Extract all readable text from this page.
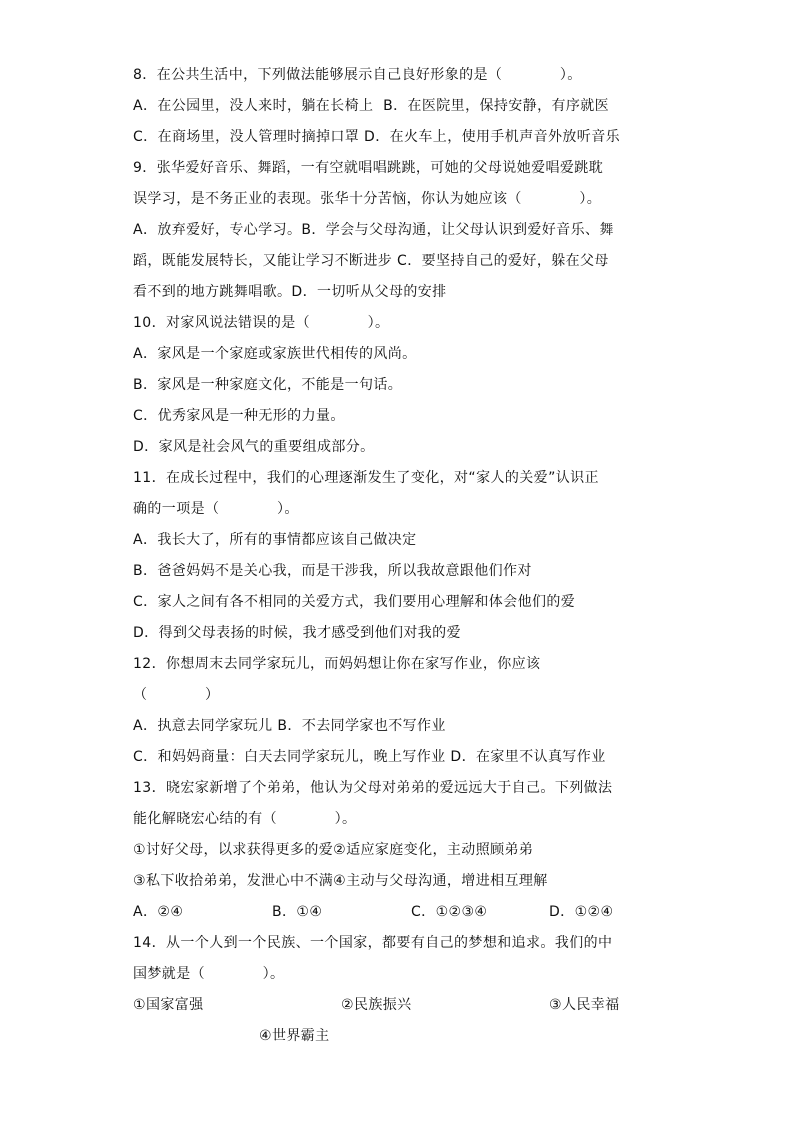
8．在公共生活中，下列做法能够展示自己良好形象的是（　　　　）。
A．在公园里，没人来时，躺在长椅上  B．在医院里，保持安静，有序就医
C．在商场里，没人管理时摘掉口罩 D．在火车上，使用手机声音外放听音乐
9．张华爱好音乐、舞蹈，一有空就唱唱跳跳，可她的父母说她爱唱爱跳耽
误学习，是不务正业的表现。张华十分苦恼，你认为她应该（　　　　）。
A．放弃爱好，专心学习。B．学会与父母沟通，让父母认识到爱好音乐、舞
蹈，既能发展特长，又能让学习不断进步 C．要坚持自己的爱好，躲在父母
看不到的地方跳舞唱歌。D．一切听从父母的安排
10．对家风说法错误的是（　　　　）。
A．家风是一个家庭或家族世代相传的风尚。
B．家风是一种家庭文化，不能是一句话。
C．优秀家风是一种无形的力量。
D．家风是社会风气的重要组成部分。
11．在成长过程中，我们的心理逐渐发生了变化，对“家人的关爱”认识正
确的一项是（　　　　）。
A．我长大了，所有的事情都应该自己做决定
B．爸爸妈妈不是关心我，而是干涉我，所以我故意跟他们作对
C．家人之间有各不相同的关爱方式，我们要用心理解和体会他们的爱
D．得到父母表扬的时候，我才感受到他们对我的爱
12．你想周末去同学家玩儿，而妈妈想让你在家写作业，你应该
（　　　　）
A．执意去同学家玩儿 B．不去同学家也不写作业
C．和妈妈商量：白天去同学家玩儿，晚上写作业 D．在家里不认真写作业
13．晓宏家新增了个弟弟，他认为父母对弟弟的爱远远大于自己。下列做法
能化解晓宏心结的有（　　　　）。
①讨好父母，以求获得更多的爱②适应家庭变化，主动照顾弟弟
③私下收拾弟弟，发泄心中不满④主动与父母沟通，增进相互理解
A．②④	B．①④	C．①②③④	D．①②④
14．从一个人到一个民族、一个国家，都要有自己的梦想和追求。我们的中
国梦就是（　　　　）。
①国家富强	②民族振兴	③人民幸福
④世界霸主
